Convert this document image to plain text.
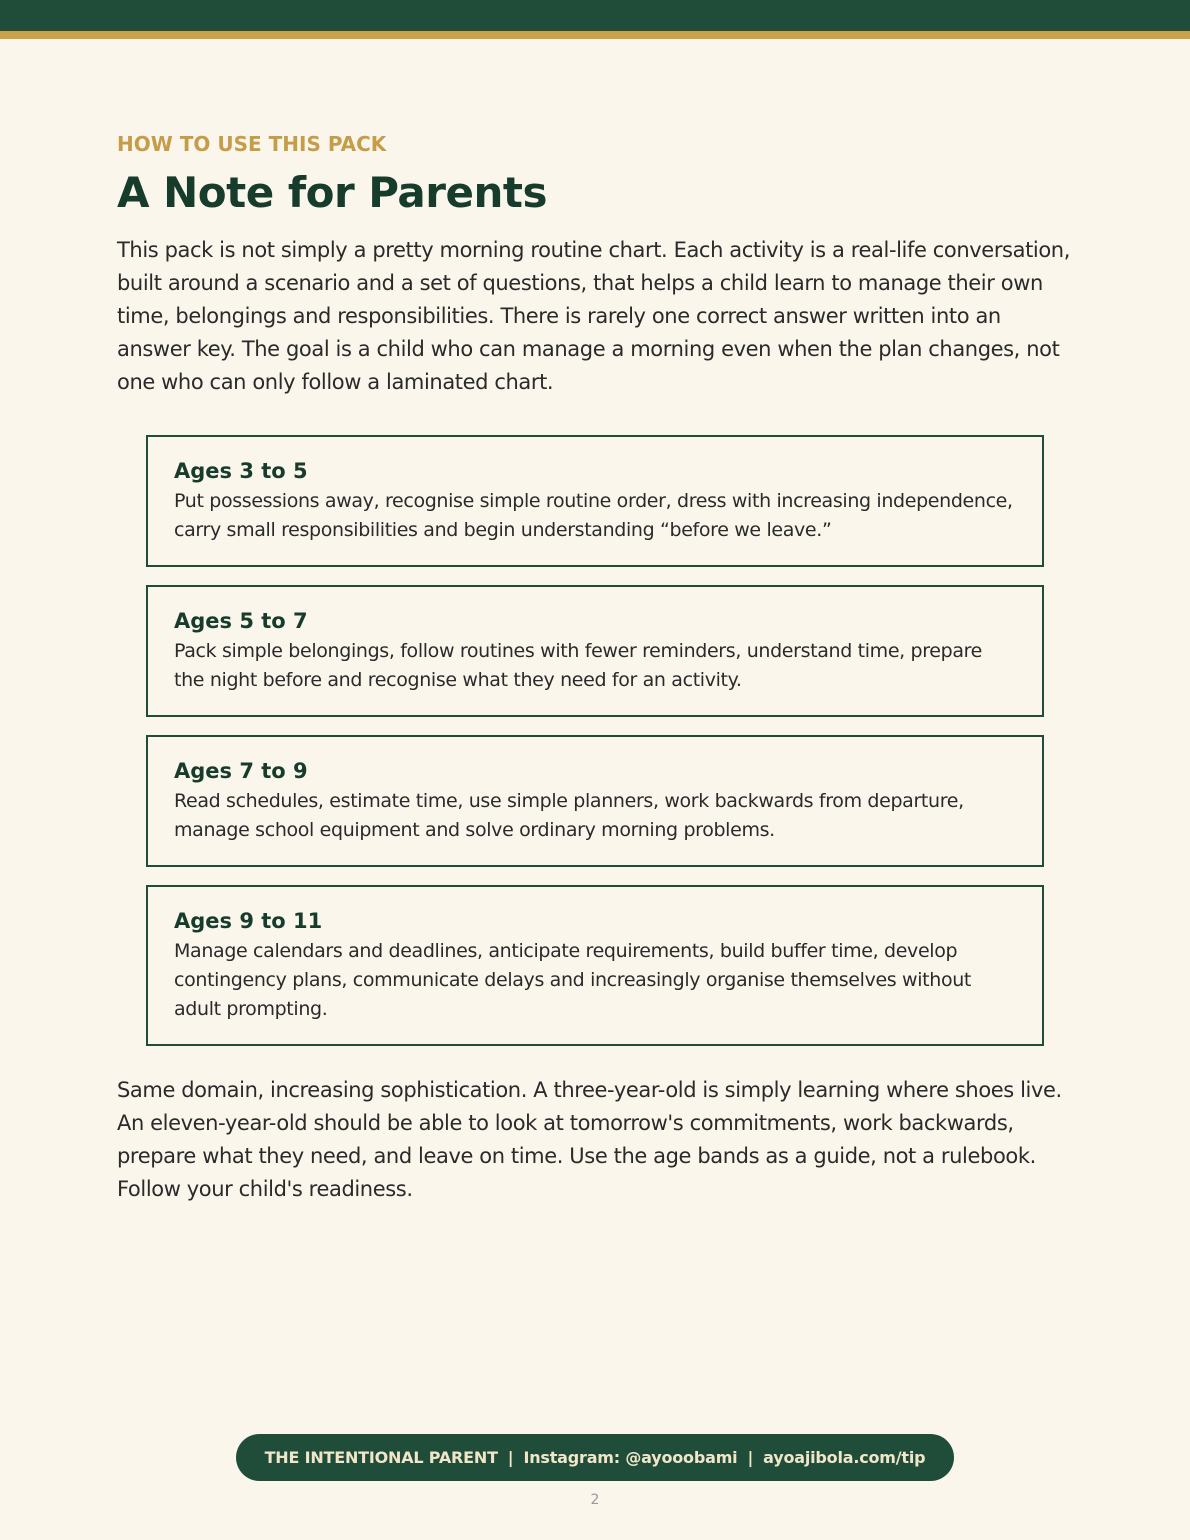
HOW TO USE THIS PACK

A Note for Parents

This pack is not simply a pretty morning routine chart. Each activity is a real-life conversation, built around a scenario and a set of questions, that helps a child learn to manage their own time, belongings and responsibilities. There is rarely one correct answer written into an answer key. The goal is a child who can manage a morning even when the plan changes, not one who can only follow a laminated chart.

Ages 3 to 5

Put possessions away, recognise simple routine order, dress with increasing independence, carry small responsibilities and begin understanding “before we leave.”

Ages 5 to 7

Pack simple belongings, follow routines with fewer reminders, understand time, prepare the night before and recognise what they need for an activity.

Ages 7 to 9

Read schedules, estimate time, use simple planners, work backwards from departure, manage school equipment and solve ordinary morning problems.

Ages 9 to 11

Manage calendars and deadlines, anticipate requirements, build buffer time, develop contingency plans, communicate delays and increasingly organise themselves without adult prompting.

Same domain, increasing sophistication. A three-year-old is simply learning where shoes live. An eleven-year-old should be able to look at tomorrow's commitments, work backwards, prepare what they need, and leave on time. Use the age bands as a guide, not a rulebook. Follow your child's readiness.

THE INTENTIONAL PARENT | Instagram: @ayooobami | ayoajibola.com/tip
2
